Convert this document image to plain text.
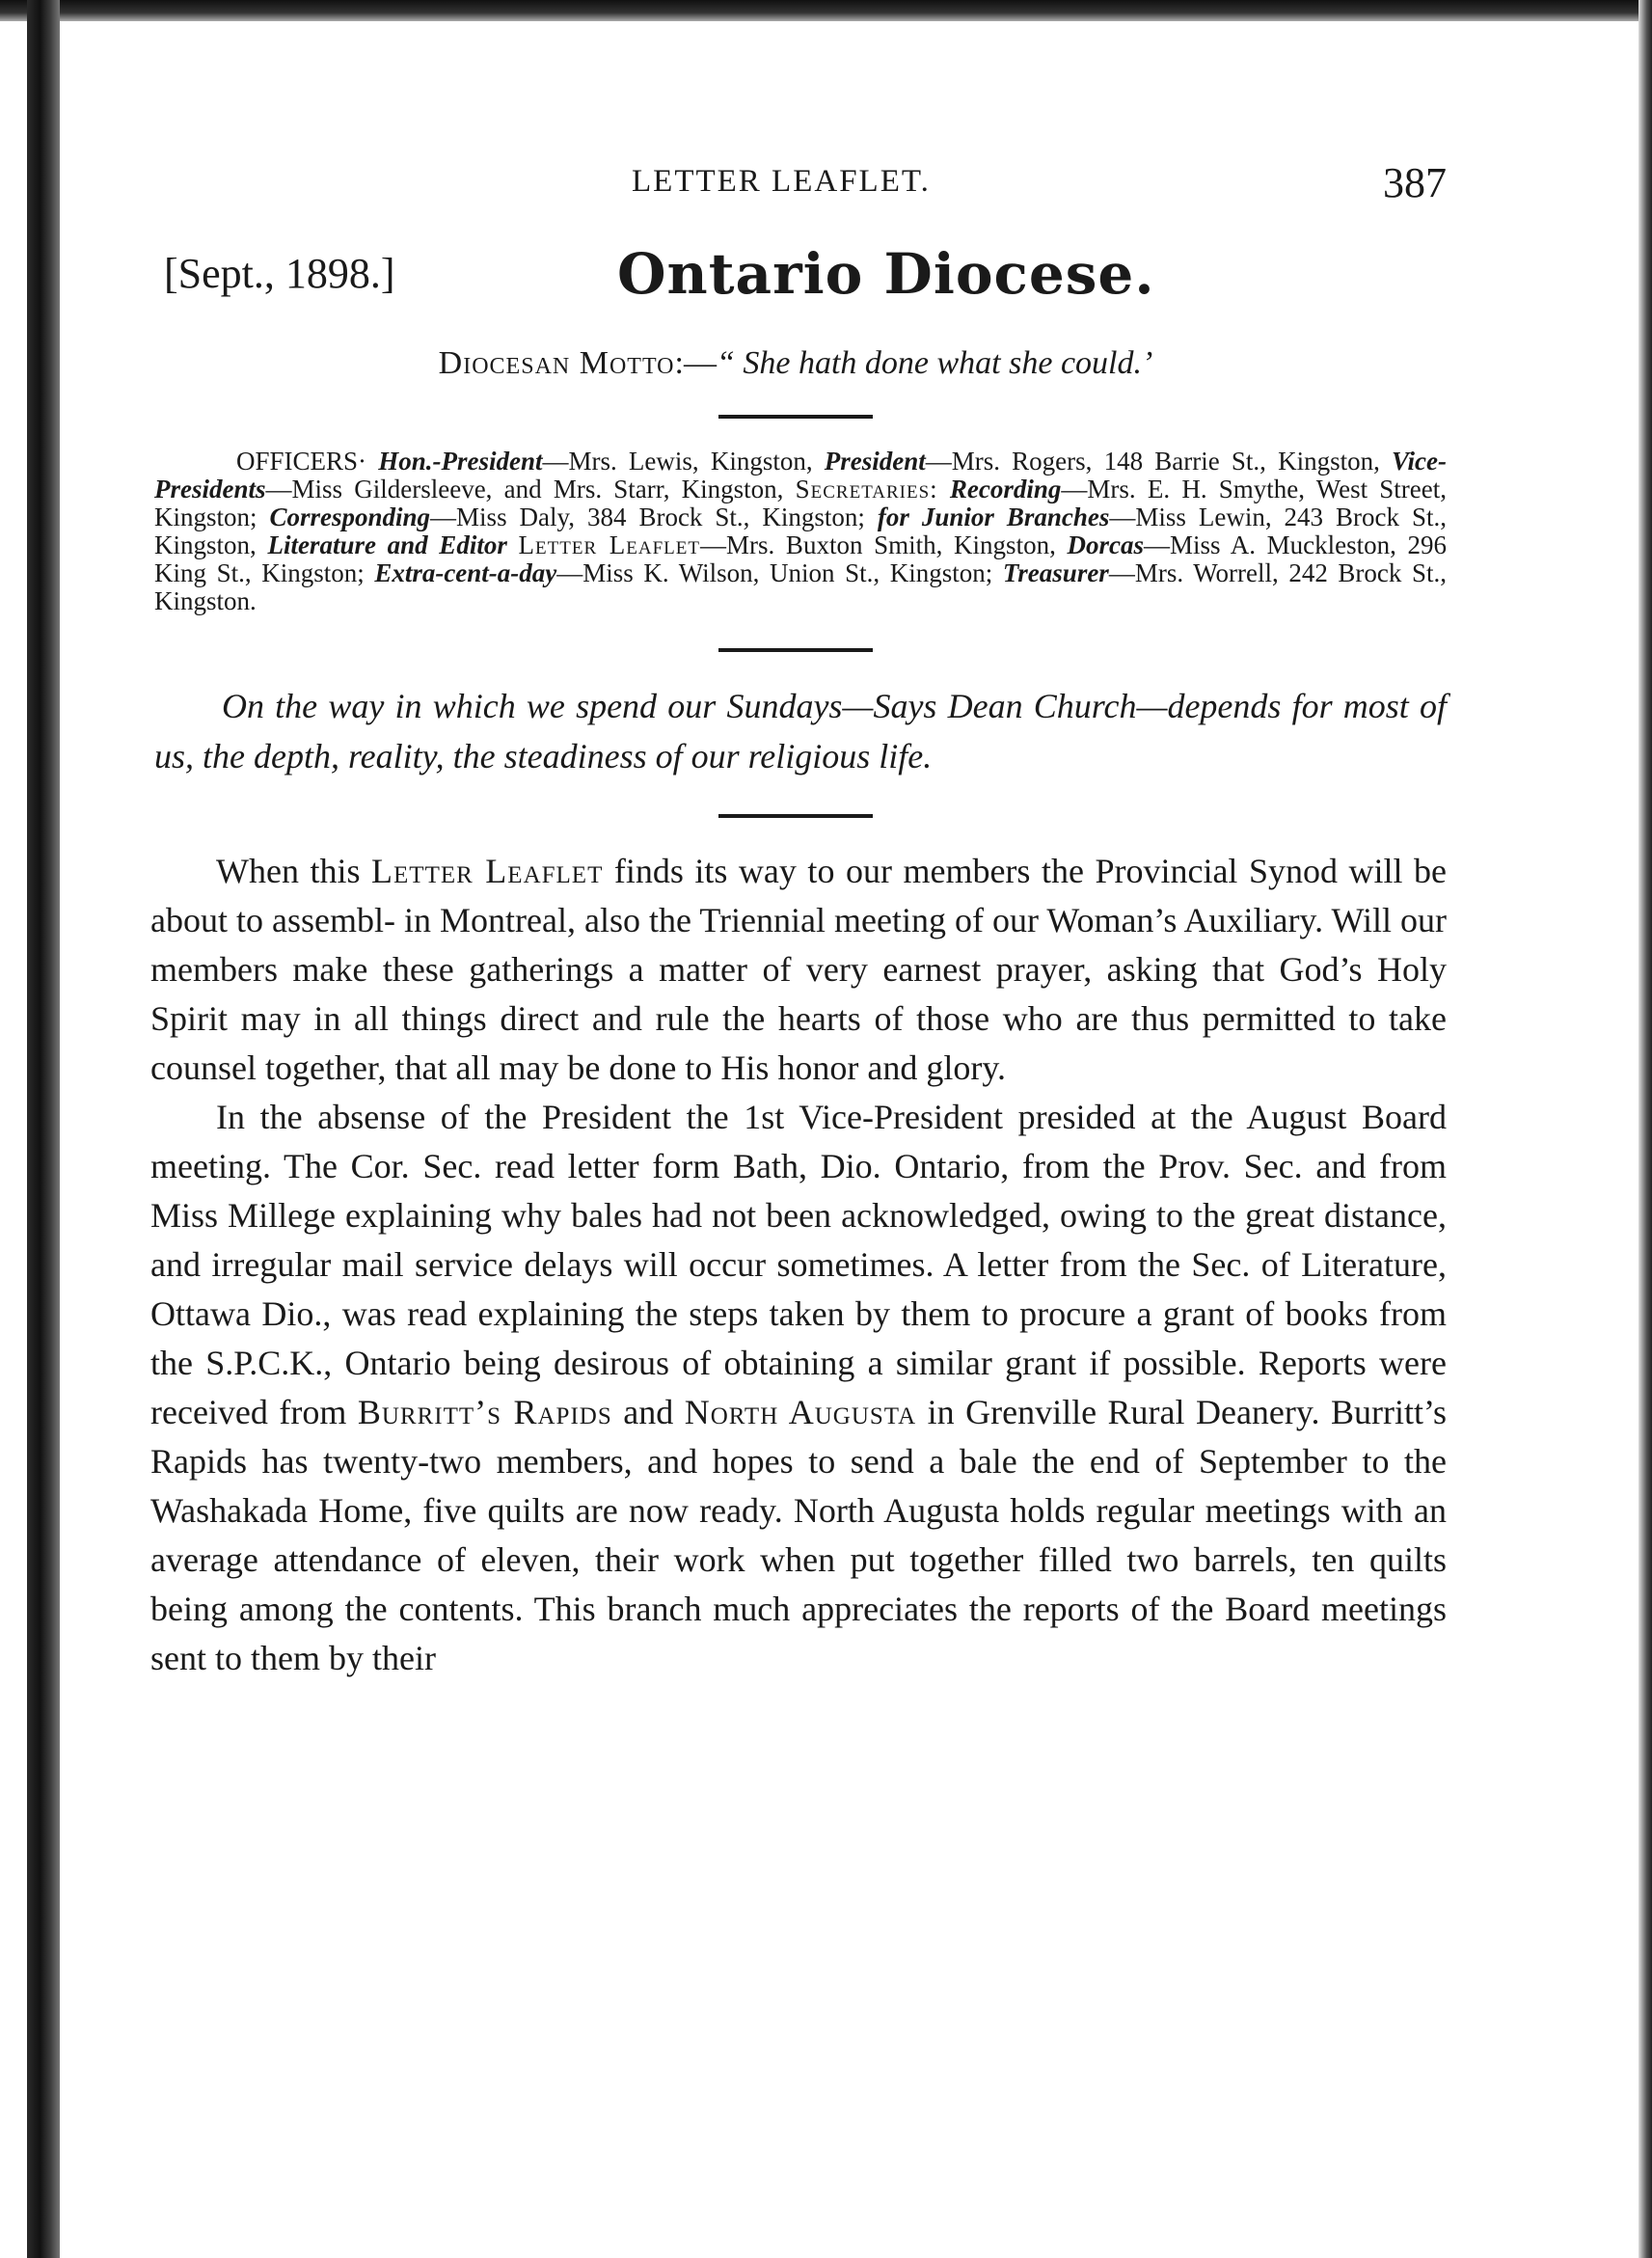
LETTER LEAFLET.	387
[Sept., 1898.]	Ontario Diocese.
Diocesan Motto:—“ She hath done what she could.’
OFFICERS· Hon.-President—Mrs. Lewis, Kingston, President—Mrs. Rogers, 148 Barrie St., Kingston, Vice-Presidents—Miss Gildersleeve, and Mrs. Starr, Kingston, Secretaries: Recording—Mrs. E. H. Smythe, West Street, Kingston; Corresponding—Miss Daly, 384 Brock St., Kingston; for Junior Branches—Miss Lewin, 243 Brock St., Kingston, Literature and Editor Letter Leaflet—Mrs. Buxton Smith, Kingston, Dorcas—Miss A. Muckleston, 296 King St., Kingston; Extra-cent-a-day—Miss K. Wilson, Union St., Kingston; Treasurer—Mrs. Worrell, 242 Brock St., Kingston.
On the way in which we spend our Sundays—Says Dean Church—depends for most of us, the depth, reality, the steadiness of our religious life.

When this Letter Leaflet finds its way to our members the Provincial Synod will be about to assembl‑ in Montreal, also the Triennial meeting of our Woman’s Auxiliary. Will our members make these gatherings a matter of very earnest prayer, asking that God’s Holy Spirit may in all things direct and rule the hearts of those who are thus permitted to take counsel together, that all may be done to His honor and glory.

In the absense of the President the 1st Vice-President presided at the August Board meeting. The Cor. Sec. read letter form Bath, Dio. Ontario, from the Prov. Sec. and from Miss Millege explaining why bales had not been acknowledged, owing to the great distance, and irregular mail service delays will occur sometimes. A letter from the Sec. of Literature, Ottawa Dio., was read explaining the steps taken by them to procure a grant of books from the S.P.C.K., Ontario being desirous of obtaining a similar grant if possible. Reports were received from Burritt’s Rapids and North Augusta in Grenville Rural Deanery. Burritt’s Rapids has twenty-two members, and hopes to send a bale the end of September to the Washakada Home, five quilts are now ready. North Augusta holds regular meetings with an average attendance of eleven, their work when put together filled two barrels, ten quilts being among the contents. This branch much appreciates the reports of the Board meetings sent to them by their
